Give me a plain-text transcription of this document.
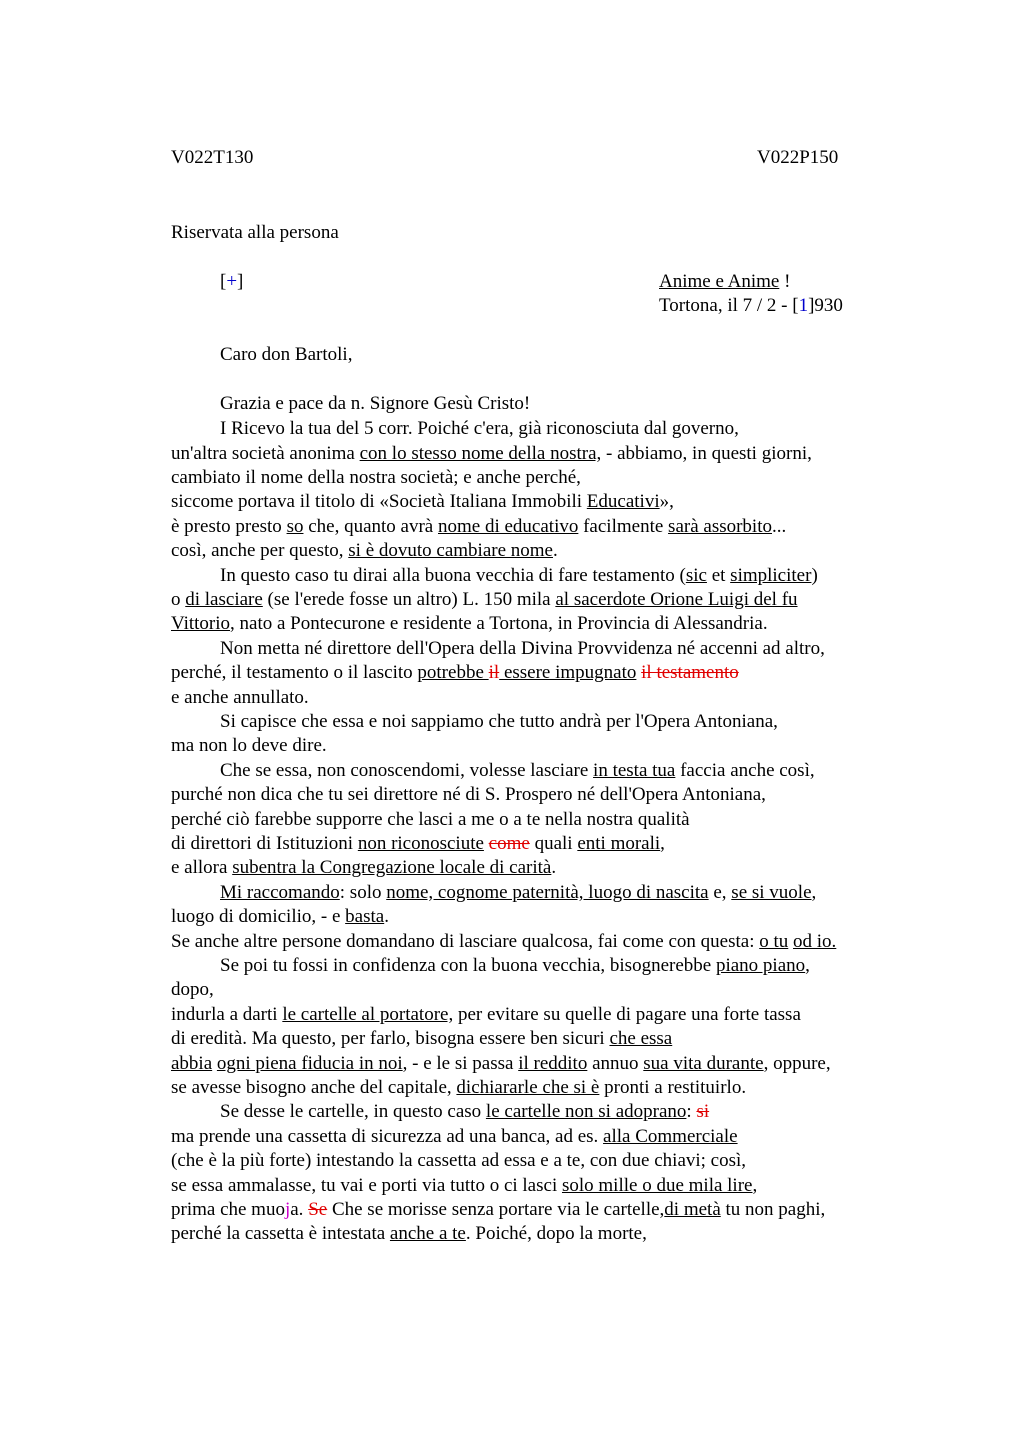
V022T130	V022P150
Riservata alla persona
[+]	Anime e Anime !
Tortona, il 7 / 2 - [1]930
Caro don Bartoli,
Grazia e pace da n. Signore Gesù Cristo!
I Ricevo la tua del 5 corr. Poiché c'era, già riconosciuta dal governo,
un'altra società anonima con lo stesso nome della nostra, - abbiamo, in questi giorni,
cambiato il nome della nostra società; e anche perché,
siccome portava il titolo di «Società Italiana Immobili Educativi»,
è presto presto so che, quanto avrà nome di educativo facilmente sarà assorbito...
così, anche per questo, si è dovuto cambiare nome.
In questo caso tu dirai alla buona vecchia di fare testamento (sic et simpliciter)
o di lasciare (se l'erede fosse un altro) L. 150 mila al sacerdote Orione Luigi del fu
Vittorio, nato a Pontecurone e residente a Tortona, in Provincia di Alessandria.
Non metta né direttore dell'Opera della Divina Provvidenza né accenni ad altro,
perché, il testamento o il lascito potrebbe il essere impugnato il testamento
e anche annullato.
Si capisce che essa e noi sappiamo che tutto andrà per l'Opera Antoniana,
ma non lo deve dire.
Che se essa, non conoscendomi, volesse lasciare in testa tua faccia anche così,
purché non dica che tu sei direttore né di S. Prospero né dell'Opera Antoniana,
perché ciò farebbe supporre che lasci a me o a te nella nostra qualità
di direttori di Istituzioni non riconosciute come quali enti morali,
e allora subentra la Congregazione locale di carità.
Mi raccomando: solo nome, cognome paternità, luogo di nascita e, se si vuole,
luogo di domicilio, - e basta.
Se anche altre persone domandano di lasciare qualcosa, fai come con questa: o tu od io.
Se poi tu fossi in confidenza con la buona vecchia, bisognerebbe piano piano,
dopo,
indurla a darti le cartelle al portatore, per evitare su quelle di pagare una forte tassa
di eredità. Ma questo, per farlo, bisogna essere ben sicuri che essa
abbia ogni piena fiducia in noi, - e le si passa il reddito annuo sua vita durante, oppure,
se avesse bisogno anche del capitale, dichiararle che si è pronti a restituirlo.
Se desse le cartelle, in questo caso le cartelle non si adoprano: si
ma prende una cassetta di sicurezza ad una banca, ad es. alla Commerciale
(che è la più forte) intestando la cassetta ad essa e a te, con due chiavi; così,
se essa ammalasse, tu vai e porti via tutto o ci lasci solo mille o due mila lire,
prima che muoja. Se Che se morisse senza portare via le cartelle,di metà tu non paghi,
perché la cassetta è intestata anche a te. Poiché, dopo la morte,
